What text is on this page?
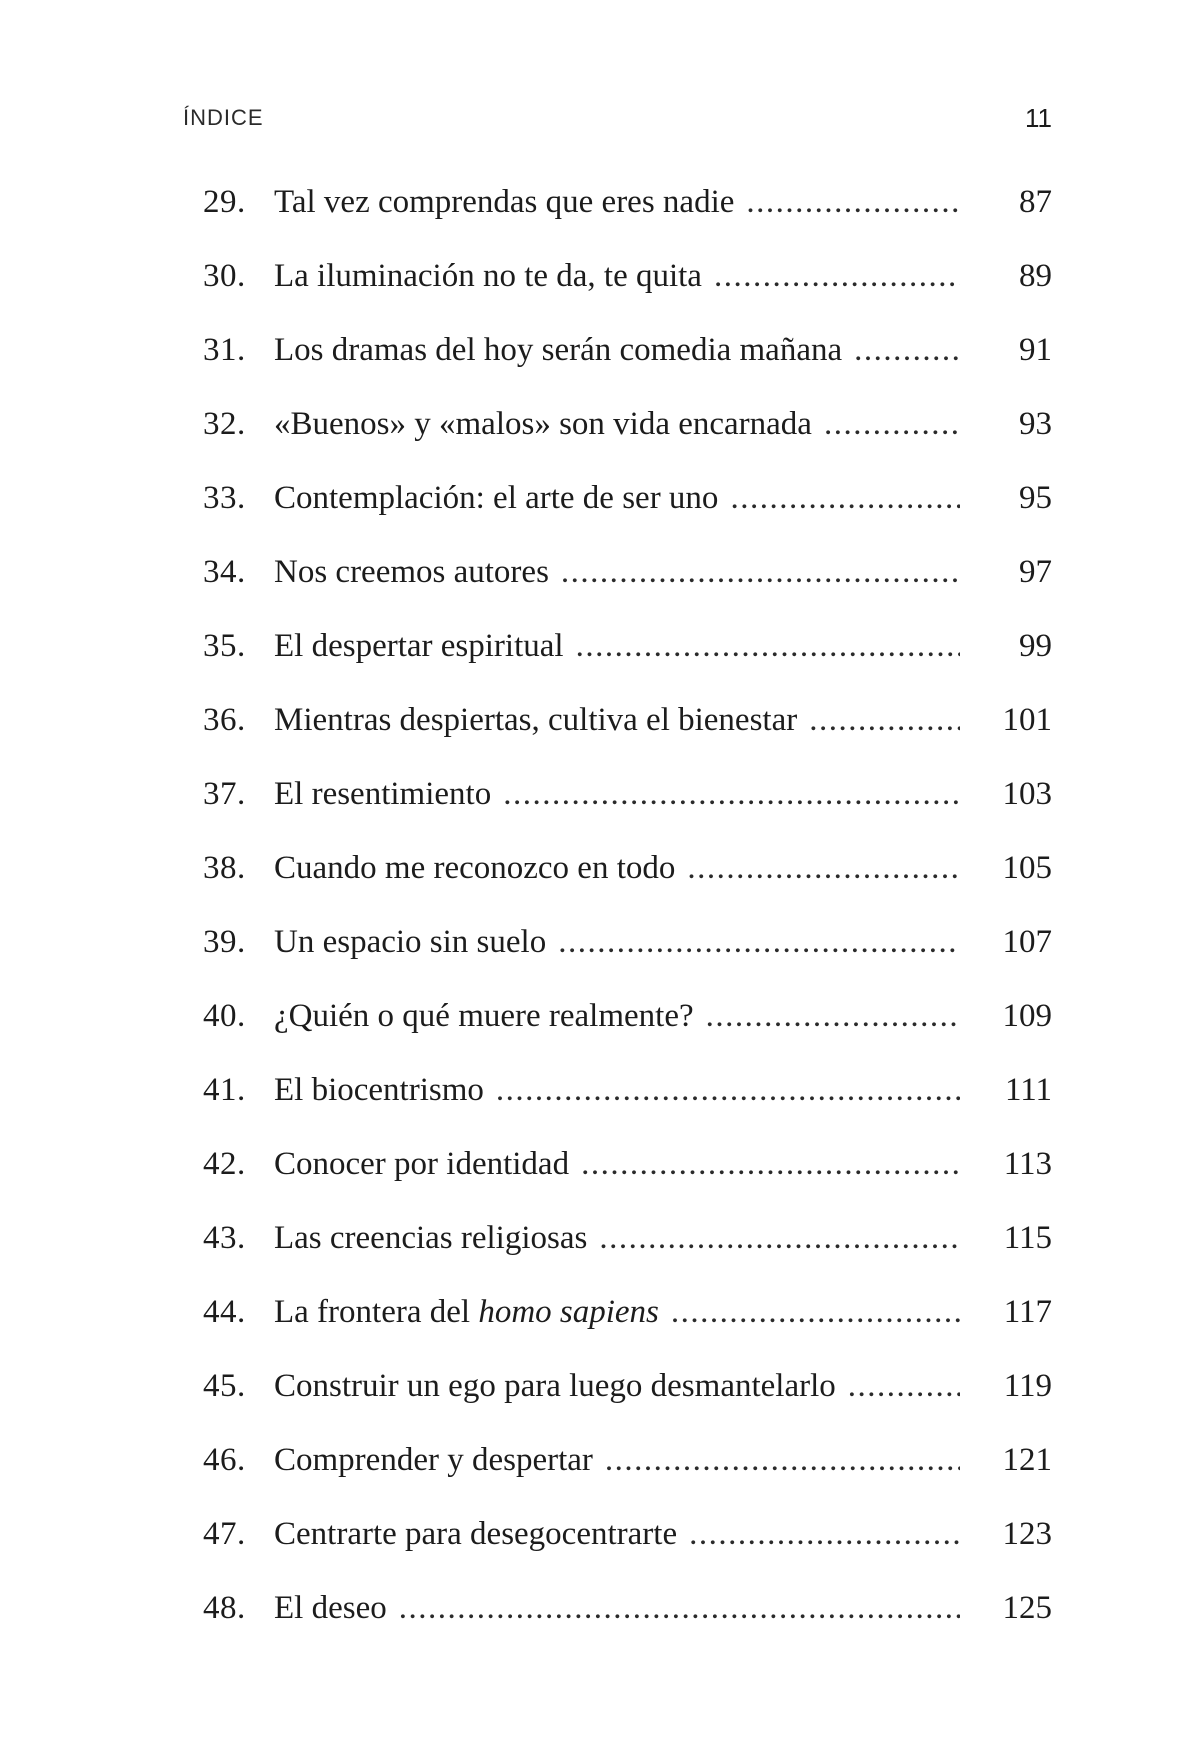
ÍNDICE	11
29. Tal vez comprendas que eres nadie .....	87
30. La iluminación no te da, te quita .....	89
31. Los dramas del hoy serán comedia mañana .....	91
32. «Buenos» y «malos» son vida encarnada .....	93
33. Contemplación: el arte de ser uno .....	95
34. Nos creemos autores .....	97
35. El despertar espiritual .....	99
36. Mientras despiertas, cultiva el bienestar .....	101
37. El resentimiento .....	103
38. Cuando me reconozco en todo .....	105
39. Un espacio sin suelo .....	107
40. ¿Quién o qué muere realmente? .....	109
41. El biocentrismo .....	111
42. Conocer por identidad .....	113
43. Las creencias religiosas .....	115
44. La frontera del homo sapiens .....	117
45. Construir un ego para luego desmantelarlo .....	119
46. Comprender y despertar .....	121
47. Centrarte para desegocentrarte .....	123
48. El deseo .....	125
